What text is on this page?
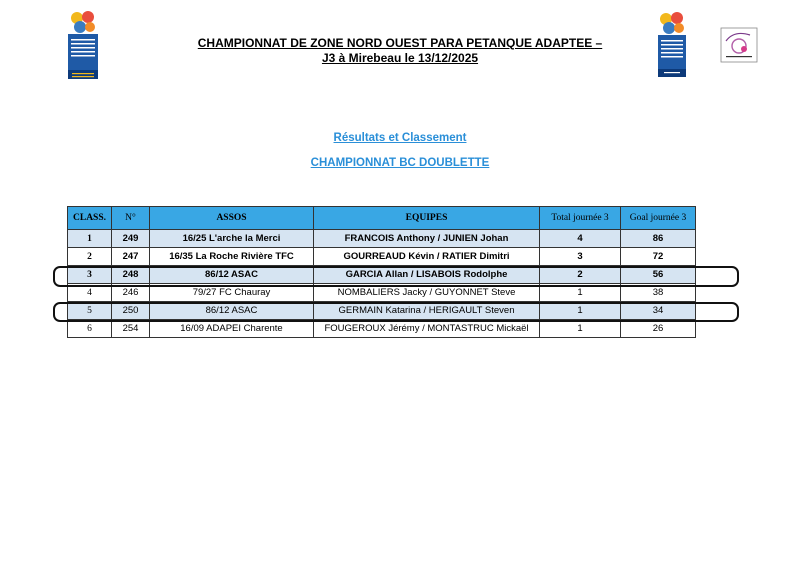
CHAMPIONNAT DE ZONE NORD OUEST PARA PETANQUE ADAPTEE –
J3 à Mirebeau le 13/12/2025
Résultats et Classement
CHAMPIONNAT BC DOUBLETTE
CLASS.	N°	ASSOS	EQUIPES	Total journée 3	Goal journée 3
1	249	16/25 L'arche la Merci	FRANCOIS Anthony / JUNIEN Johan	4	86
2	247	16/35 La Roche Rivière TFC	GOURREAUD Kévin / RATIER Dimitri	3	72
3	248	86/12 ASAC	GARCIA Allan / LISABOIS Rodolphe	2	56
4	246	79/27 FC Chauray	NOMBALIERS Jacky / GUYONNET Steve	1	38
5	250	86/12 ASAC	GERMAIN Katarina / HERIGAULT Steven	1	34
6	254	16/09 ADAPEI Charente	FOUGEROUX Jérémy / MONTASTRUC Mickaël	1	26
